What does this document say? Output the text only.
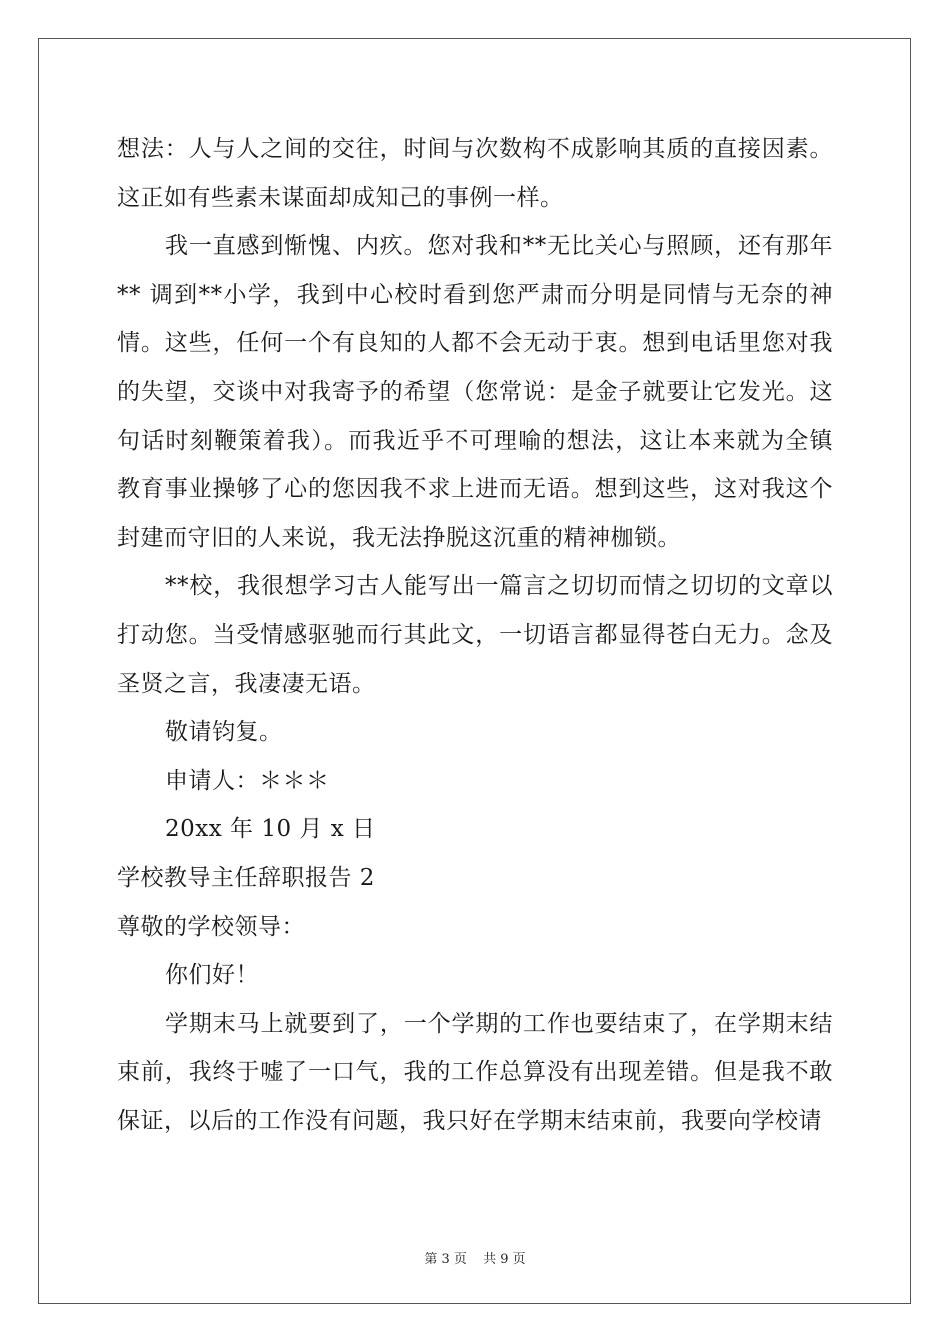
想法：人与人之间的交往，时间与次数构不成影响其质的直接因素。这正如有些素未谋面却成知己的事例一样。

我一直感到惭愧、内疚。您对我和**无比关心与照顾，还有那年** 调到**小学，我到中心校时看到您严肃而分明是同情与无奈的神情。这些，任何一个有良知的人都不会无动于衷。想到电话里您对我的失望，交谈中对我寄予的希望（您常说：是金子就要让它发光。这句话时刻鞭策着我）。而我近乎不可理喻的想法，这让本来就为全镇教育事业操够了心的您因我不求上进而无语。想到这些，这对我这个封建而守旧的人来说，我无法挣脱这沉重的精神枷锁。

**校，我很想学习古人能写出一篇言之切切而情之切切的文章以打动您。当受情感驱驰而行其此文，一切语言都显得苍白无力。念及圣贤之言，我凄凄无语。

敬请钧复。

申请人：＊＊＊

20xx 年 10 月 x 日

学校教导主任辞职报告 2

尊敬的学校领导：

你们好！

学期末马上就要到了，一个学期的工作也要结束了，在学期末结束前，我终于嘘了一口气，我的工作总算没有出现差错。但是我不敢保证，以后的工作没有问题，我只好在学期末结束前，我要向学校请

第 3 页 共 9 页
